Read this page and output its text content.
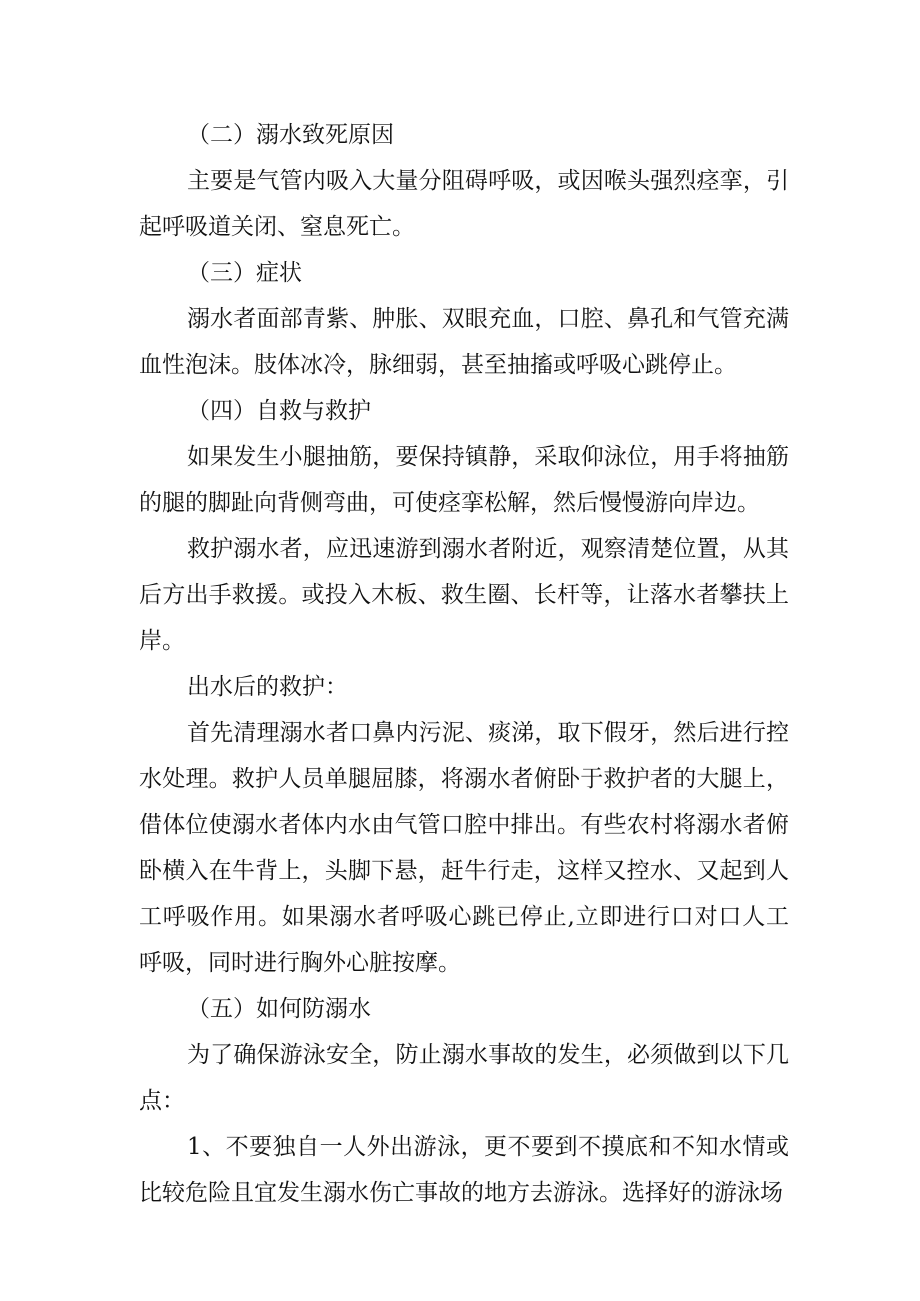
（二）溺水致死原因

主要是气管内吸入大量分阻碍呼吸，或因喉头强烈痉挛，引起呼吸道关闭、窒息死亡。

（三）症状

溺水者面部青紫、肿胀、双眼充血，口腔、鼻孔和气管充满血性泡沫。肢体冰冷，脉细弱，甚至抽搐或呼吸心跳停止。

（四）自救与救护

如果发生小腿抽筋，要保持镇静，采取仰泳位，用手将抽筋的腿的脚趾向背侧弯曲，可使痉挛松解，然后慢慢游向岸边。

救护溺水者，应迅速游到溺水者附近，观察清楚位置，从其后方出手救援。或投入木板、救生圈、长杆等，让落水者攀扶上岸。

出水后的救护：

首先清理溺水者口鼻内污泥、痰涕，取下假牙，然后进行控水处理。救护人员单腿屈膝，将溺水者俯卧于救护者的大腿上，借体位使溺水者体内水由气管口腔中排出。有些农村将溺水者俯卧横入在牛背上，头脚下悬，赶牛行走，这样又控水、又起到人工呼吸作用。如果溺水者呼吸心跳已停止,立即进行口对口人工呼吸，同时进行胸外心脏按摩。

（五）如何防溺水

为了确保游泳安全，防止溺水事故的发生，必须做到以下几点：

1、不要独自一人外出游泳，更不要到不摸底和不知水情或比较危险且宜发生溺水伤亡事故的地方去游泳。选择好的游泳场
